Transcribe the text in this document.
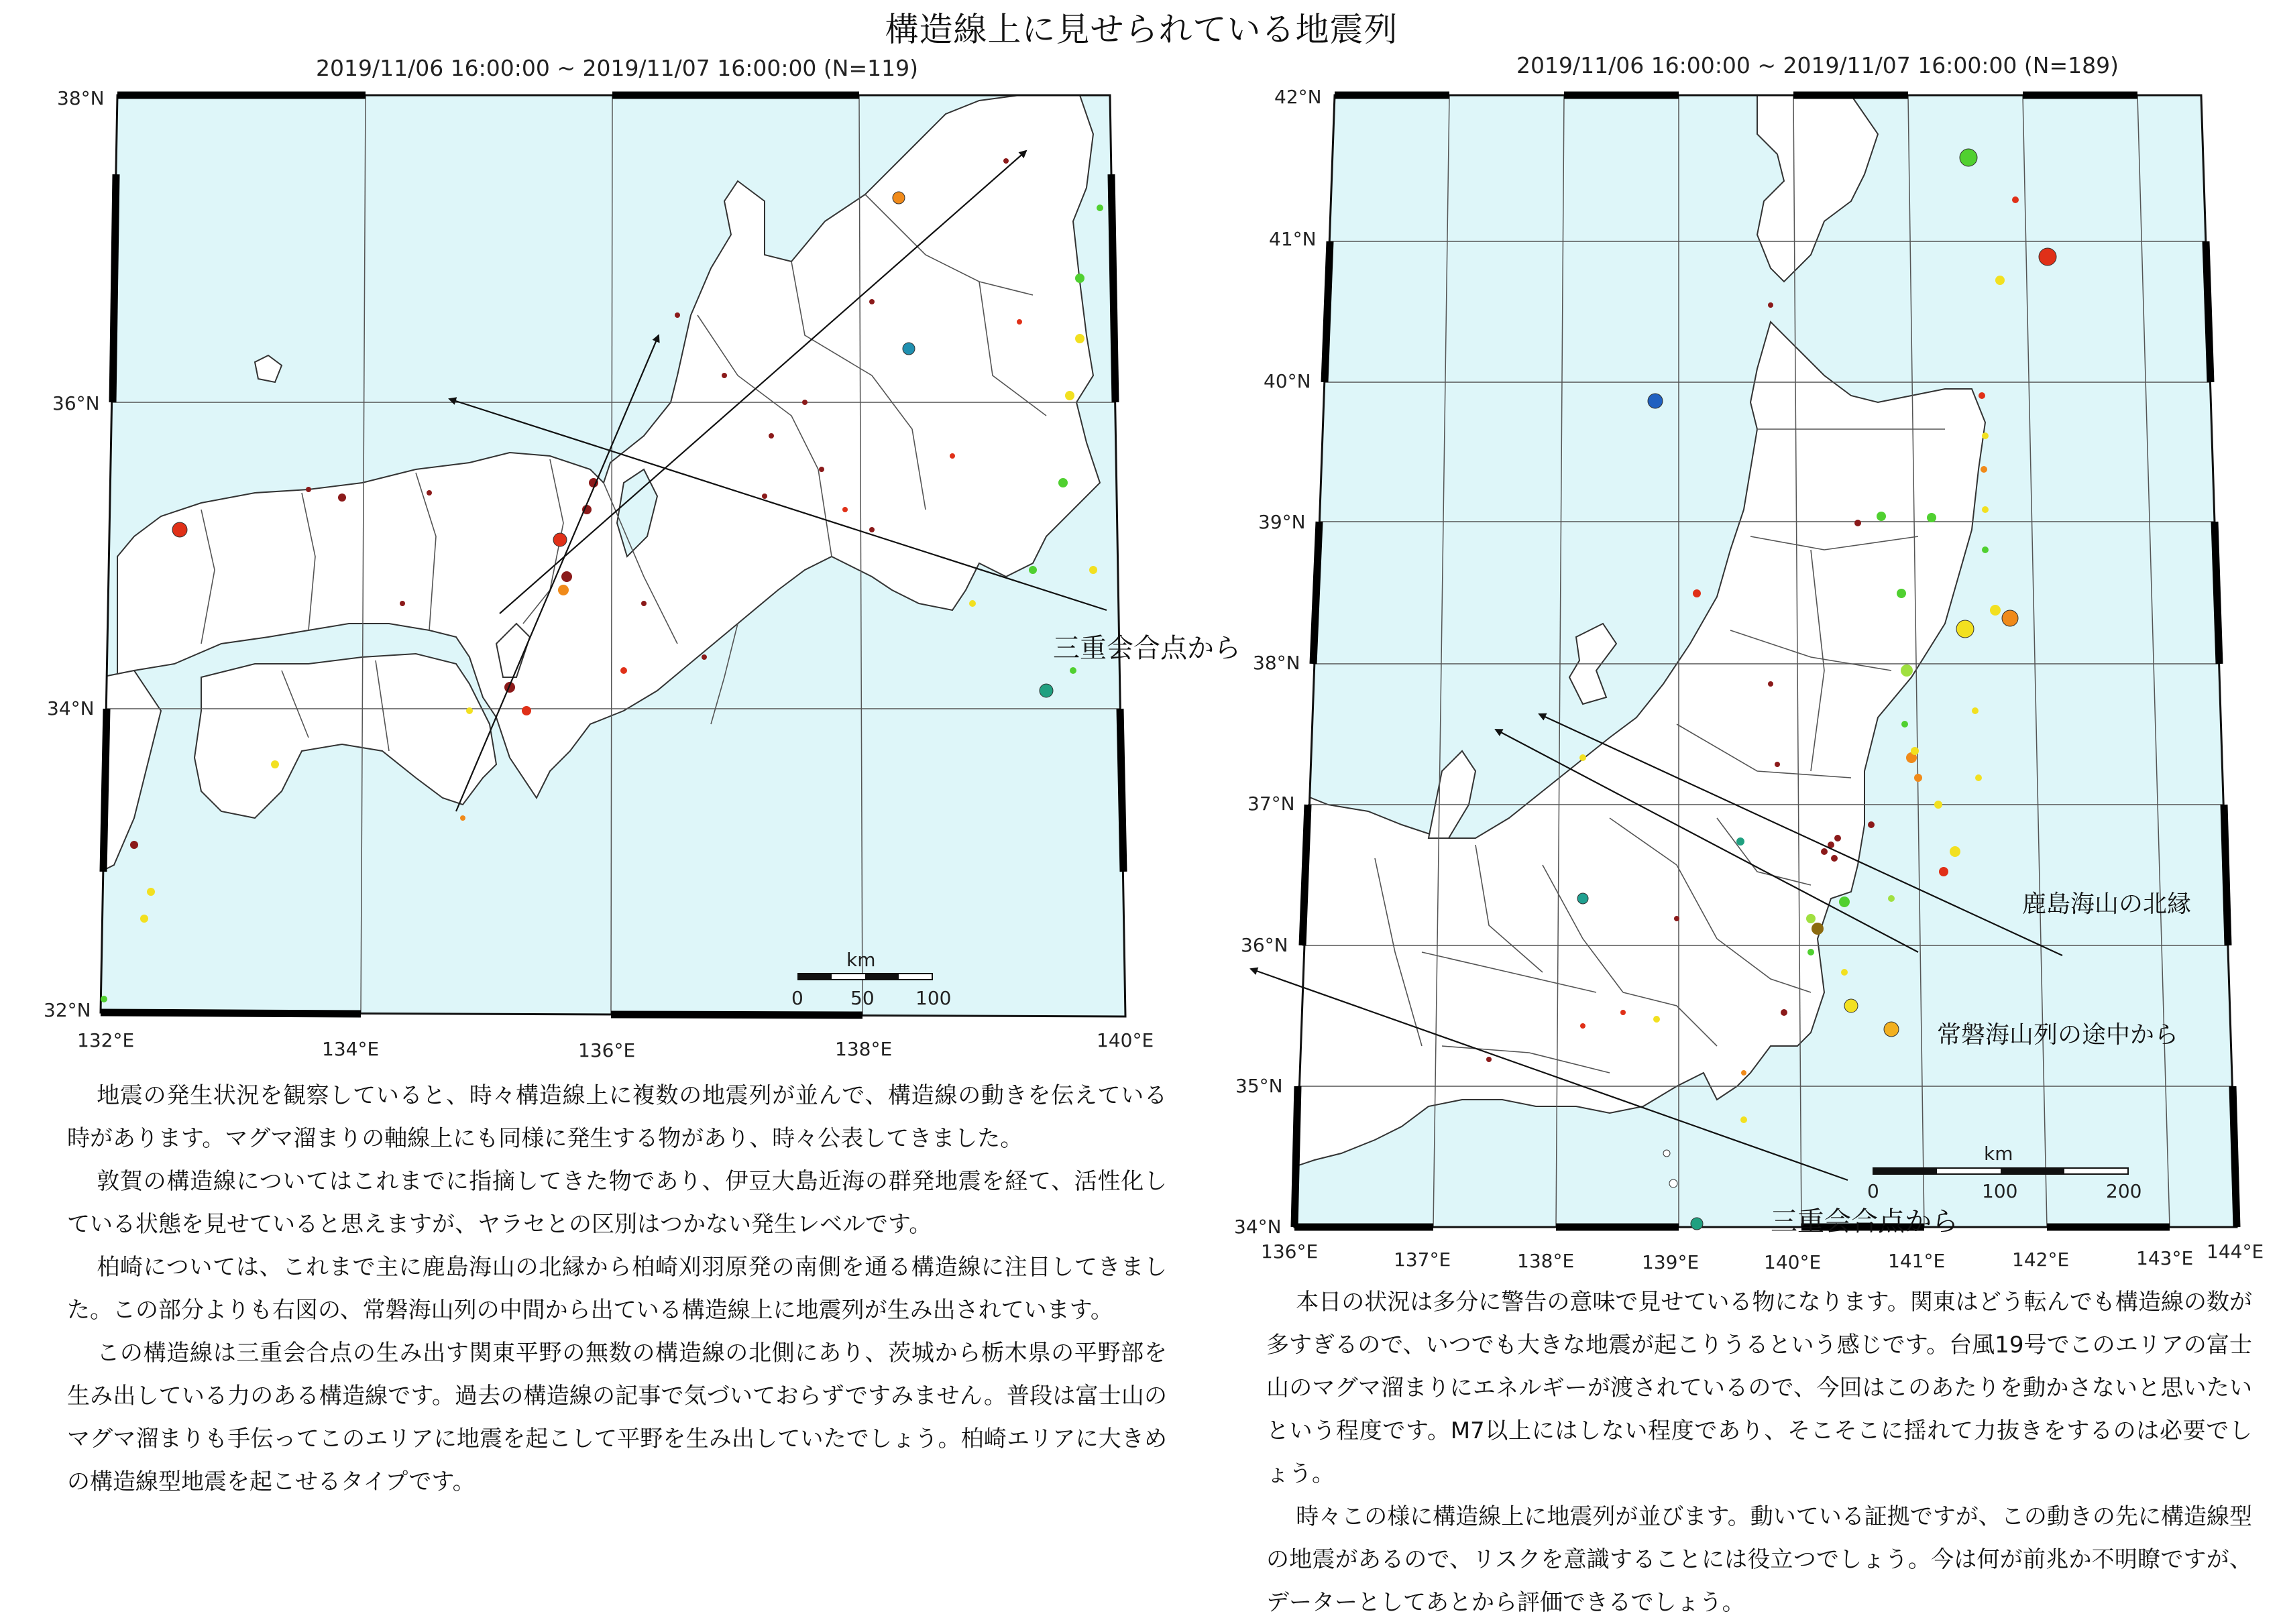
構造線上に見せられている地震列
2019/11/06 16:00:00 ~ 2019/11/07 16:00:00 (N=119)
38°N
36°N
34°N
32°N
132°E	134°E	136°E	138°E	140°E
km
0	50 100
三重会合点から
2019/11/06 16:00:00 ~ 2019/11/07 16:00:00 (N=189)
42°N
41°N
40°N
39°N
38°N
37°N
36°N
35°N
34°N
136°E	137°E	138°E	139°E	140°E	141°E	142°E	143°E 144°E
km
0	100	200
鹿島海山の北縁
常磐海山列の途中から
三重会合点から

地震の発生状況を観察していると、時々構造線上に複数の地震列が並んで、構造線の動きを伝えている時があります。マグマ溜まりの軸線上にも同様に発生する物があり、時々公表してきました。

敦賀の構造線についてはこれまでに指摘してきた物であり、伊豆大島近海の群発地震を経て、活性化している状態を見せていると思えますが、ヤラセとの区別はつかない発生レベルです。

柏崎については、これまで主に鹿島海山の北縁から柏崎刈羽原発の南側を通る構造線に注目してきました。この部分よりも右図の、常磐海山列の中間から出ている構造線上に地震列が生み出されています。

この構造線は三重会合点の生み出す関東平野の無数の構造線の北側にあり、茨城から栃木県の平野部を生み出している力のある構造線です。過去の構造線の記事で気づいておらずですみません。普段は富士山のマグマ溜まりも手伝ってこのエリアに地震を起こして平野を生み出していたでしょう。柏崎エリアに大きめの構造線型地震を起こせるタイプです。

本日の状況は多分に警告の意味で見せている物になります。関東はどう転んでも構造線の数が多すぎるので、いつでも大きな地震が起こりうるという感じです。台風19号でこのエリアの富士山のマグマ溜まりにエネルギーが渡されているので、今回はこのあたりを動かさないと思いたいという程度です。M7以上にはしない程度であり、そこそこに揺れて力抜きをするのは必要でしょう。

時々この様に構造線上に地震列が並びます。動いている証拠ですが、この動きの先に構造線型の地震があるので、リスクを意識することには役立つでしょう。今は何が前兆か不明瞭ですが、データーとしてあとから評価できるでしょう。
